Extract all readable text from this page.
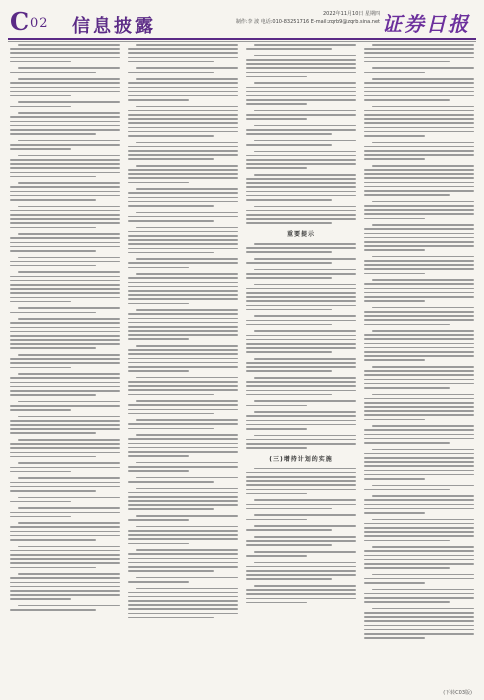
C 02 信息披露
2022年11月10日 星期四
制作:李 波 电话:010-83251716 E-mail:zqrb9@zqrb.sina.net 证券日报
重要提示
(三)增持计划的实施
(下转C03版)
